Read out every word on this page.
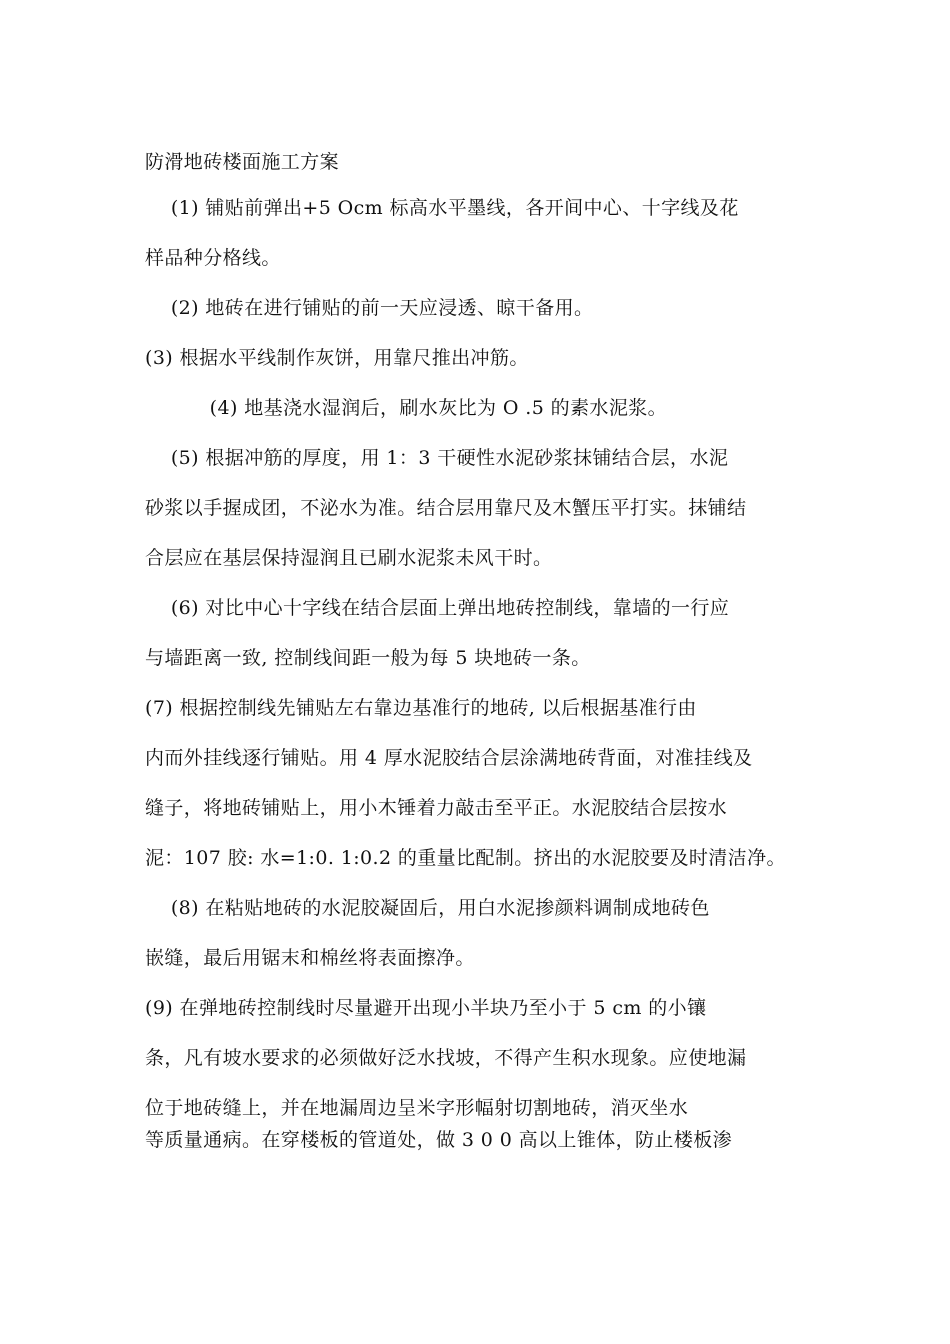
防滑地砖楼面施工方案
　 (1) 铺贴前弹出+5 Ocm 标高水平墨线，各开间中心、十字线及花
样品种分格线。
　 (2) 地砖在进行铺贴的前一天应浸透、晾干备用。
(3) 根据水平线制作灰饼，用靠尺推出冲筋。
　　　 (4) 地基浇水湿润后，刷水灰比为 O .5 的素水泥浆。
　 (5) 根据冲筋的厚度，用 1：3 干硬性水泥砂浆抹铺结合层，水泥
砂浆以手握成团，不泌水为准。结合层用靠尺及木蟹压平打实。抹铺结
合层应在基层保持湿润且已刷水泥浆未风干时。
　 (6) 对比中心十字线在结合层面上弹出地砖控制线，靠墙的一行应
与墙距离一致, 控制线间距一般为每 5 块地砖一条。
(7) 根据控制线先铺贴左右靠边基准行的地砖, 以后根据基准行由
内而外挂线逐行铺贴。用 4 厚水泥胶结合层涂满地砖背面，对准挂线及
缝子，将地砖铺贴上，用小木锤着力敲击至平正。水泥胶结合层按水
泥：107 胶: 水=1:0. 1:0.2 的重量比配制。挤出的水泥胶要及时清洁净。
　 (8) 在粘贴地砖的水泥胶凝固后，用白水泥掺颜料调制成地砖色
嵌缝，最后用锯末和棉丝将表面擦净。
(9) 在弹地砖控制线时尽量避开出现小半块乃至小于 5 cm 的小镶
条，凡有坡水要求的必须做好泛水找坡，不得产生积水现象。应使地漏
位于地砖缝上，并在地漏周边呈米字形幅射切割地砖，消灭坐水
等质量通病。在穿楼板的管道处，做 3 0 0 高以上锥体，防止楼板渗
